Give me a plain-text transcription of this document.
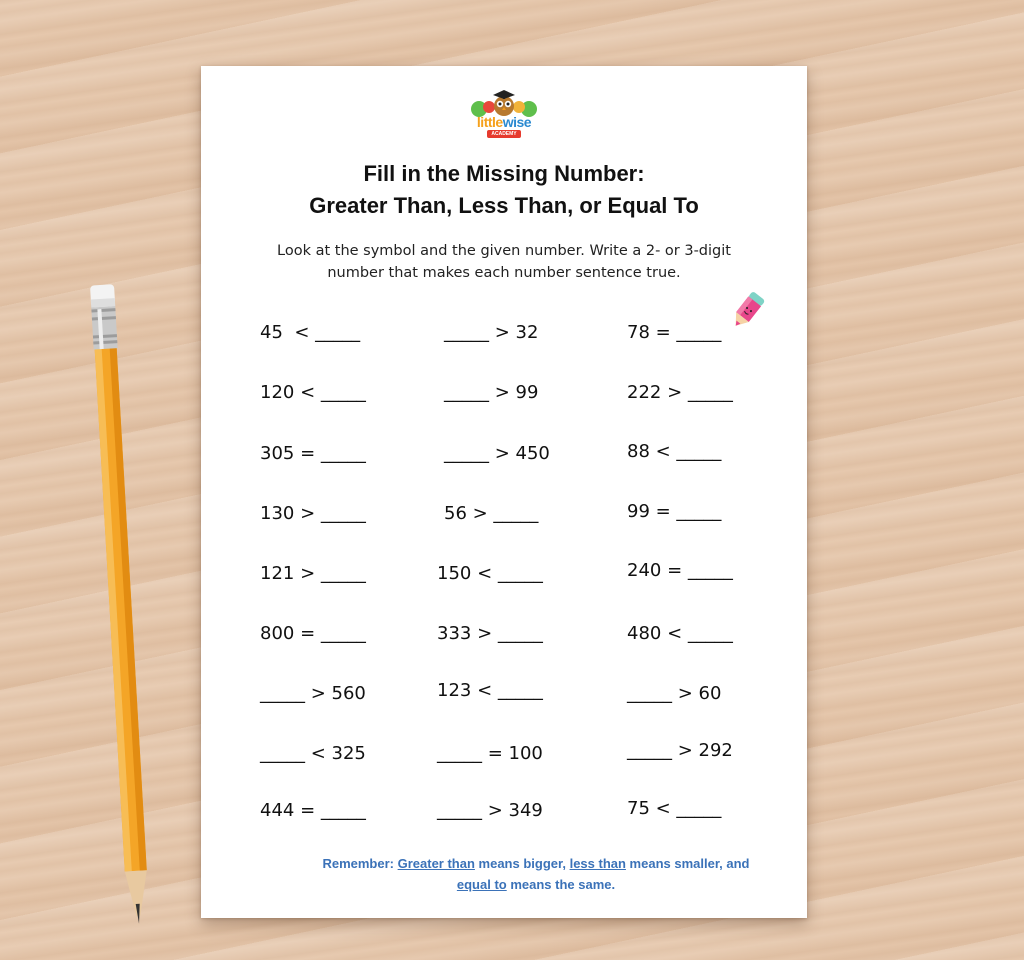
littlewise
ACADEMY
Fill in the Missing Number:
Greater Than, Less Than, or Equal To
Look at the symbol and the given number. Write a 2- or 3-digit number that makes each number sentence true.
45  < _____
120 < _____
305 = _____
130 > _____
121 > _____
800 = _____
_____ > 560
_____ < 325
444 = _____
_____ > 32
_____ > 99
_____ > 450
56 > _____
150 < _____
333 > _____
123 < _____
_____ = 100
_____ > 349
78 = _____
222 > _____
88 < _____
99 = _____
240 = _____
480 < _____
_____ > 60
_____ > 292
75 < _____
Remember: Greater than means bigger, less than means smaller, and
equal to means the same.
